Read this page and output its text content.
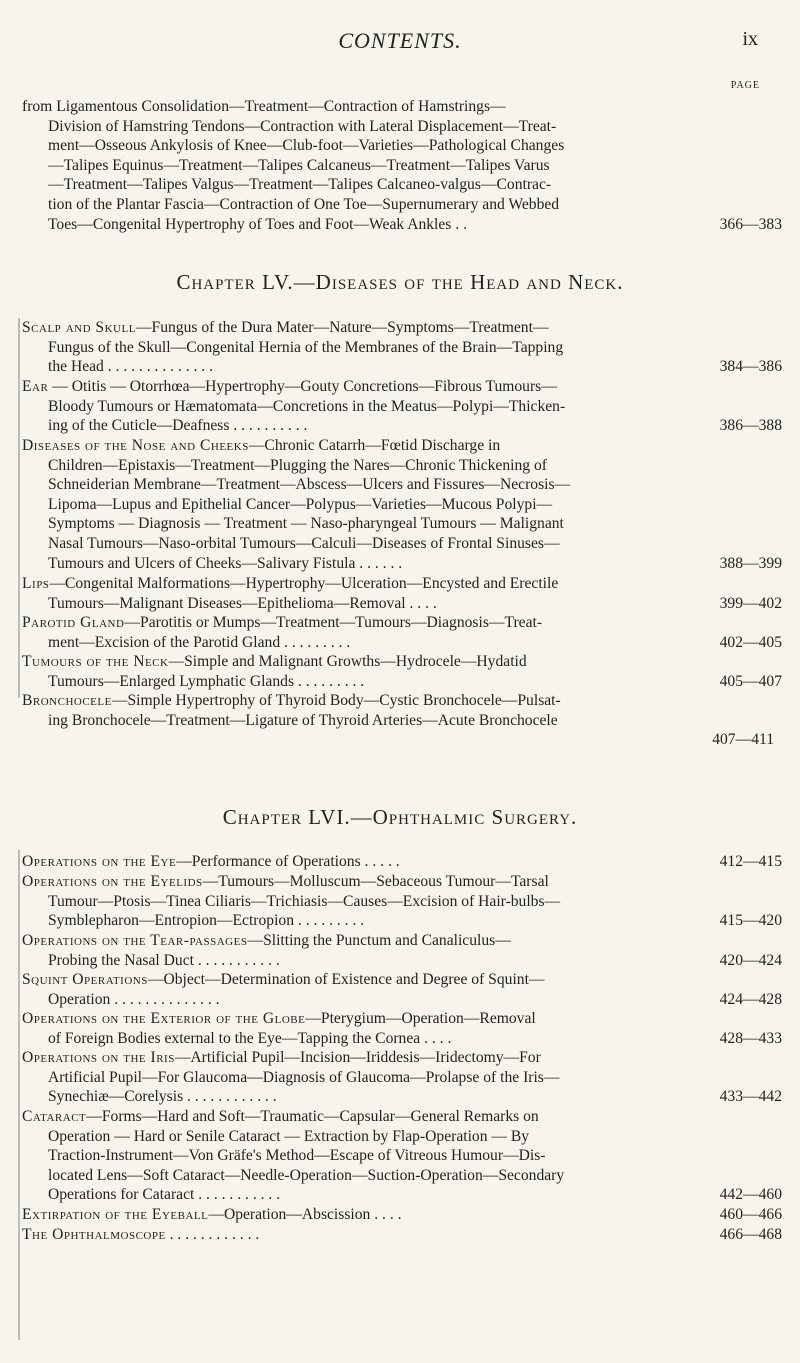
CONTENTS.	ix
PAGE
from Ligamentous Consolidation—Treatment—Contraction of Hamstrings—
Division of Hamstring Tendons—Contraction with Lateral Displacement—Treat-
ment—Osseous Ankylosis of Knee—Club-foot—Varieties—Pathological Changes
—Talipes Equinus—Treatment—Talipes Calcaneus—Treatment—Talipes Varus
—Treatment—Talipes Valgus—Treatment—Talipes Calcaneo-valgus—Contrac-
tion of the Plantar Fascia—Contraction of One Toe—Supernumerary and Webbed
Toes—Congenital Hypertrophy of Toes and Foot—Weak Ankles . .	366—383
Chapter LV.—Diseases of the Head and Neck.
Scalp and Skull—Fungus of the Dura Mater—Nature—Symptoms—Treatment—
Fungus of the Skull—Congenital Hernia of the Membranes of the Brain—Tapping
the Head . . . . . . . . . . . . . .	384—386
Ear — Otitis — Otorrhœa—Hypertrophy—Gouty Concretions—Fibrous Tumours—
Bloody Tumours or Hæmatomata—Concretions in the Meatus—Polypi—Thicken-
ing of the Cuticle—Deafness . . . . . . . . . .	386—388
Diseases of the Nose and Cheeks—Chronic Catarrh—Fœtid Discharge in
Children—Epistaxis—Treatment—Plugging the Nares—Chronic Thickening of
Schneiderian Membrane—Treatment—Abscess—Ulcers and Fissures—Necrosis—
Lipoma—Lupus and Epithelial Cancer—Polypus—Varieties—Mucous Polypi—
Symptoms — Diagnosis — Treatment — Naso-pharyngeal Tumours — Malignant
Nasal Tumours—Naso-orbital Tumours—Calculi—Diseases of Frontal Sinuses—
Tumours and Ulcers of Cheeks—Salivary Fistula . . . . . .	388—399
Lips—Congenital Malformations—Hypertrophy—Ulceration—Encysted and Erectile
Tumours—Malignant Diseases—Epithelioma—Removal . . . .	399—402
Parotid Gland—Parotitis or Mumps—Treatment—Tumours—Diagnosis—Treat-
ment—Excision of the Parotid Gland . . . . . . . . .	402—405
Tumours of the Neck—Simple and Malignant Growths—Hydrocele—Hydatid
Tumours—Enlarged Lymphatic Glands . . . . . . . . .	405—407
Bronchocele—Simple Hypertrophy of Thyroid Body—Cystic Bronchocele—Pulsat-
ing Bronchocele—Treatment—Ligature of Thyroid Arteries—Acute Bronchocele
407—411
Chapter LVI.—Ophthalmic Surgery.
Operations on the Eye—Performance of Operations . . . . .	412—415
Operations on the Eyelids—Tumours—Molluscum—Sebaceous Tumour—Tarsal
Tumour—Ptosis—Tinea Ciliaris—Trichiasis—Causes—Excision of Hair-bulbs—
Symblepharon—Entropion—Ectropion . . . . . . . . .	415—420
Operations on the Tear-passages—Slitting the Punctum and Canaliculus—
Probing the Nasal Duct . . . . . . . . . . .	420—424
Squint Operations—Object—Determination of Existence and Degree of Squint—
Operation . . . . . . . . . . . . . .	424—428
Operations on the Exterior of the Globe—Pterygium—Operation—Removal
of Foreign Bodies external to the Eye—Tapping the Cornea . . . .	428—433
Operations on the Iris—Artificial Pupil—Incision—Iriddesis—Iridectomy—For
Artificial Pupil—For Glaucoma—Diagnosis of Glaucoma—Prolapse of the Iris—
Synechiæ—Corelysis . . . . . . . . . . . .	433—442
Cataract—Forms—Hard and Soft—Traumatic—Capsular—General Remarks on
Operation — Hard or Senile Cataract — Extraction by Flap-Operation — By
Traction-Instrument—Von Gräfe's Method—Escape of Vitreous Humour—Dis-
located Lens—Soft Cataract—Needle-Operation—Suction-Operation—Secondary
Operations for Cataract . . . . . . . . . . .	442—460
Extirpation of the Eyeball—Operation—Abscission . . . .	460—466
The Ophthalmoscope . . . . . . . . . . . .	466—468
